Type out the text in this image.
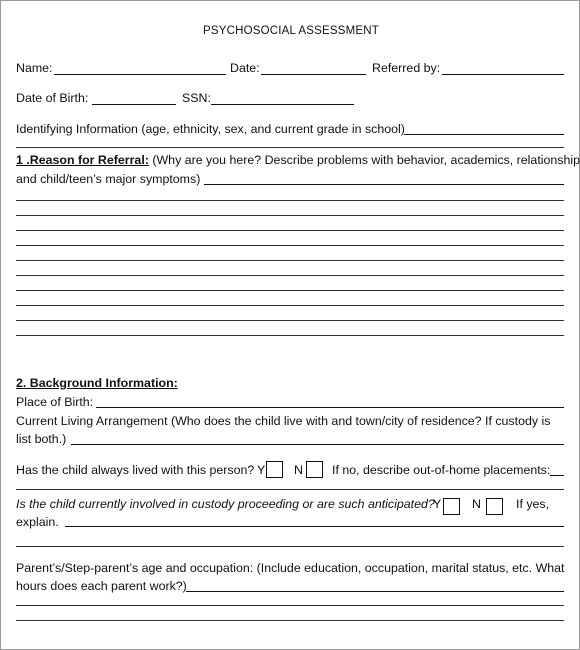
PSYCHOSOCIAL ASSESSMENT
Name:	Date:	Referred by:
Date of Birth:	SSN:
Identifying Information (age, ethnicity, sex, and current grade in school)
1 .Reason for Referral: (Why are you here? Describe problems with behavior, academics, relationship
and child/teen’s major symptoms)
2. Background Information:
Place of Birth:
Current Living Arrangement (Who does the child live with and town/city of residence? If custody is
list both.)
Has the child always lived with this person? Y N If no, describe out-of-home placements:
Is the child currently involved in custody proceeding or are such anticipated?
Y N	If yes,
explain.
Parent’s/Step-parent’s age and occupation: (Include education, occupation, marital status, etc. What
hours does each parent work?)
